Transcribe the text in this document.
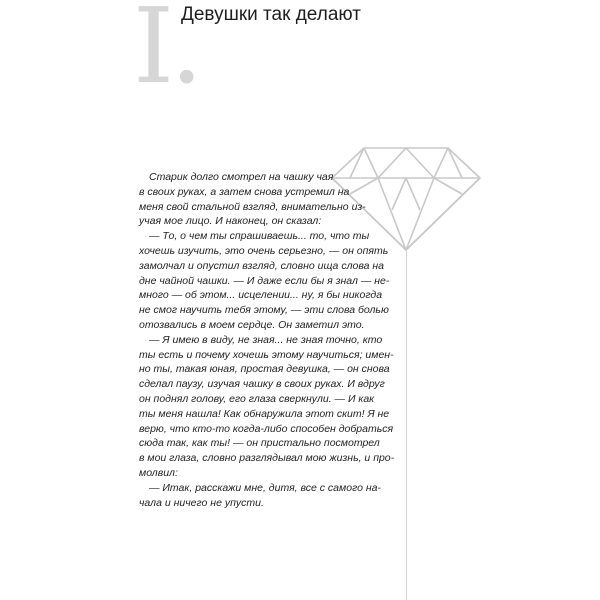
I.
Девушки так делают
Старик долго смотрел на чашку чая
в своих руках, а затем снова устремил на
меня свой стальной взгляд, внимательно из-
учая мое лицо. И наконец, он сказал:
— То, о чем ты спрашиваешь... то, что ты
хочешь изучить, это очень серьезно, — он опять
замолчал и опустил взгляд, словно ища слова на
дне чайной чашки. — И даже если бы я знал — не-
много — об этом... исцелении... ну, я бы никогда
не смог научить тебя этому, — эти слова болью
отозвались в моем сердце. Он заметил это.
— Я имею в виду, не зная... не зная точно, кто
ты есть и почему хочешь этому научиться; имен-
но ты, такая юная, простая девушка, — он снова
сделал паузу, изучая чашку в своих руках. И вдруг
он поднял голову, его глаза сверкнули. — И как
ты меня нашла! Как обнаружила этот скит! Я не
верю, что кто-то когда-либо способен добраться
сюда так, как ты! — он пристально посмотрел
в мои глаза, словно разглядывал мою жизнь, и про-
молвил:
— Итак, расскажи мне, дитя, все с самого на-
чала и ничего не упусти.
